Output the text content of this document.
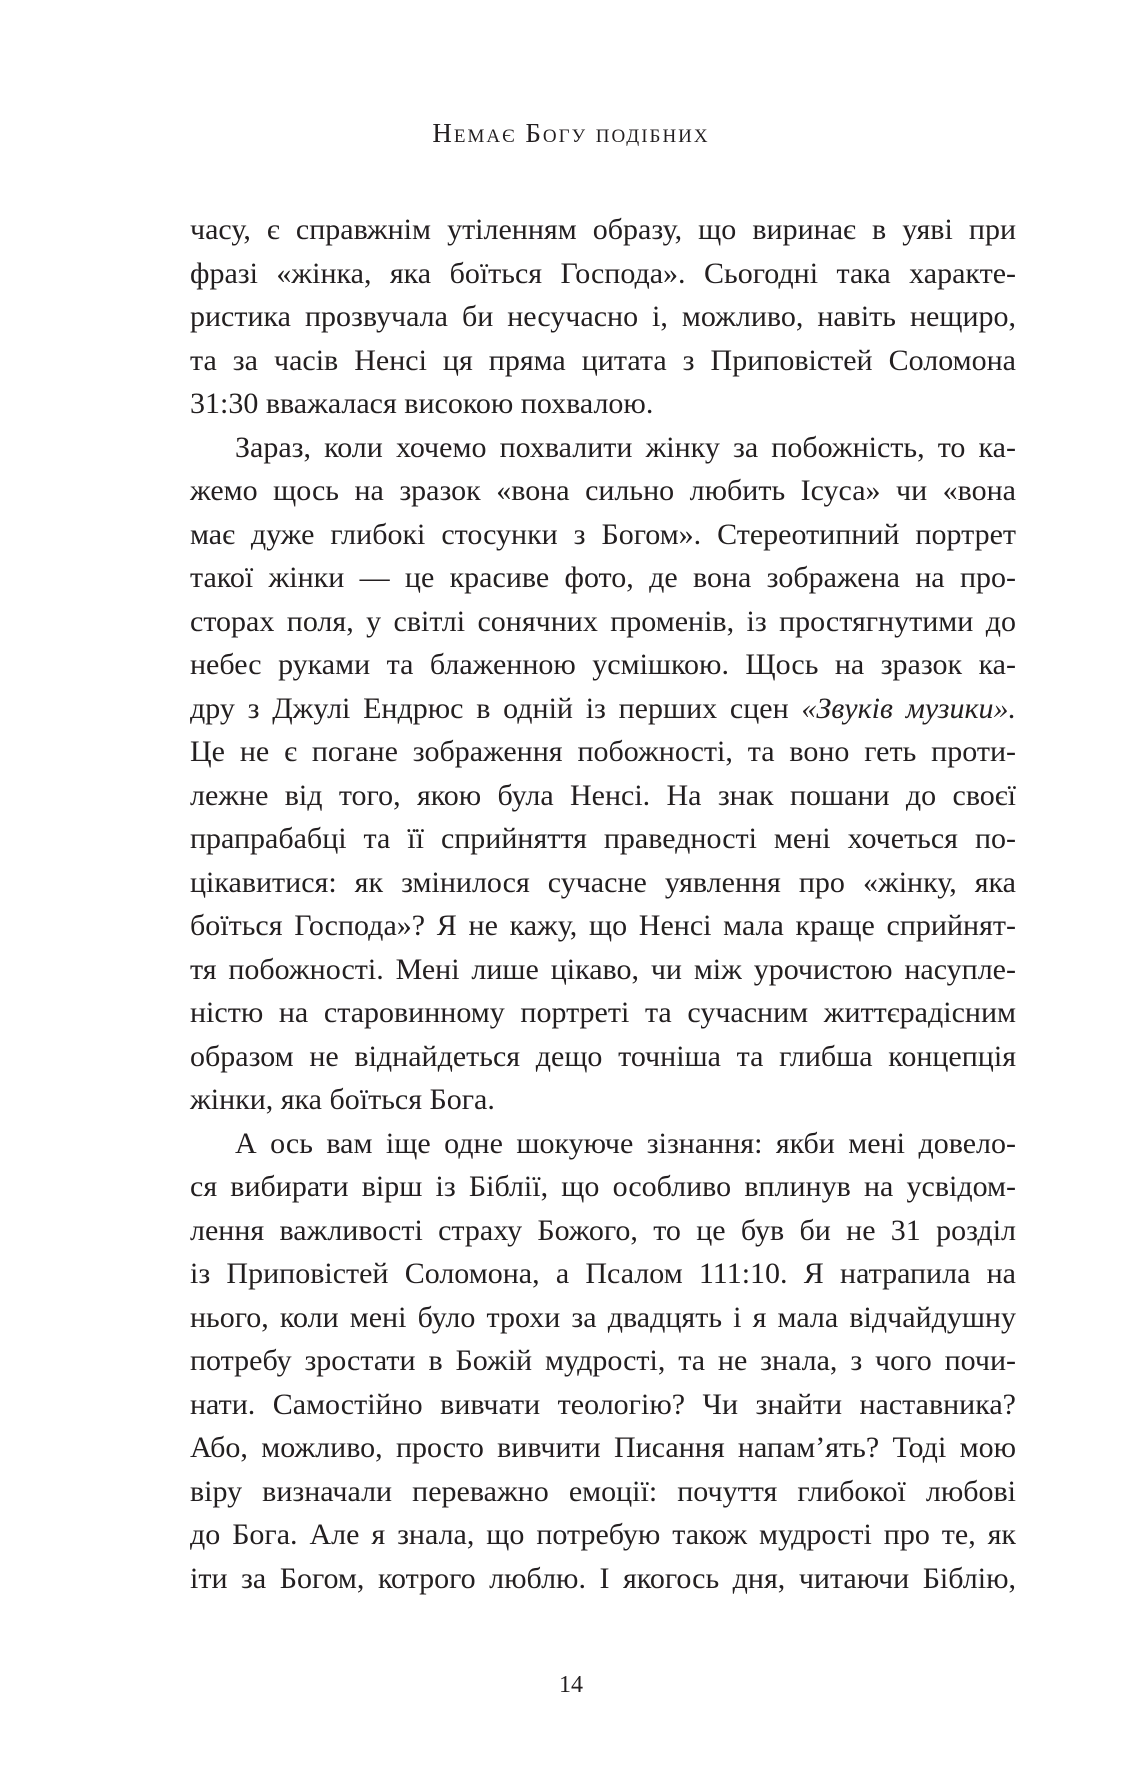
Немає Богу подібних
часу, є справжнім утіленням образу, що виринає в уяві при
фразі «жінка, яка боїться Господа». Сьогодні така характе-
ристика прозвучала би несучасно і, можливо, навіть нещиро,
та за часів Ненсі ця пряма цитата з Приповістей Соломона
31:30 вважалася високою похвалою.
Зараз, коли хочемо похвалити жінку за побожність, то ка-
жемо щось на зразок «вона сильно любить Ісуса» чи «вона
має дуже глибокі стосунки з Богом». Стереотипний портрет
такої жінки — це красиве фото, де вона зображена на про-
сторах поля, у світлі сонячних променів, із простягнутими до
небес руками та блаженною усмішкою. Щось на зразок ка-
дру з Джулі Ендрюс в одній із перших сцен «Звуків музики».
Це не є погане зображення побожності, та воно геть проти-
лежне від того, якою була Ненсі. На знак пошани до своєї
прапрабабці та її сприйняття праведності мені хочеться по-
цікавитися: як змінилося сучасне уявлення про «жінку, яка
боїться Господа»? Я не кажу, що Ненсі мала краще сприйнят-
тя побожності. Мені лише цікаво, чи між урочистою насупле-
ністю на старовинному портреті та сучасним життєрадісним
образом не віднайдеться дещо точніша та глибша концепція
жінки, яка боїться Бога.
А ось вам іще одне шокуюче зізнання: якби мені довело-
ся вибирати вірш із Біблії, що особливо вплинув на усвідом-
лення важливості страху Божого, то це був би не 31 розділ
із Приповістей Соломона, а Псалом 111:10. Я натрапила на
нього, коли мені було трохи за двадцять і я мала відчайдушну
потребу зростати в Божій мудрості, та не знала, з чого почи-
нати. Самостійно вивчати теологію? Чи знайти наставника?
Або, можливо, просто вивчити Писання напам’ять? Тоді мою
віру визначали переважно емоції: почуття глибокої любові
до Бога. Але я знала, що потребую також мудрості про те, як
іти за Богом, котрого люблю. І якогось дня, читаючи Біблію,
14
